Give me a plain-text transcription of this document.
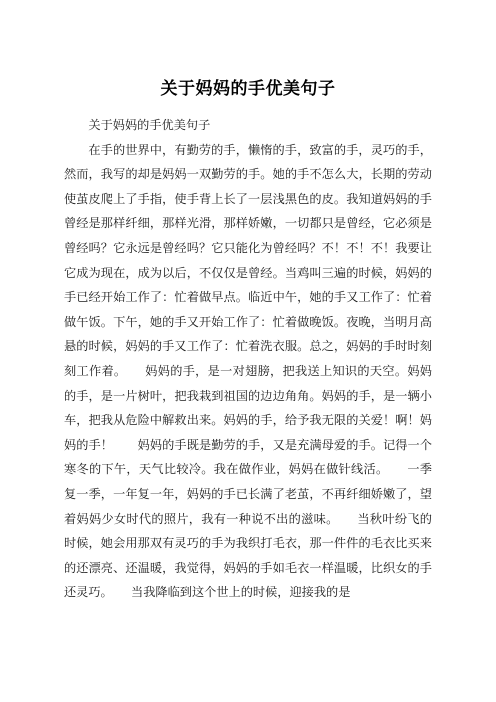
关于妈妈的手优美句子

关于妈妈的手优美句子

在手的世界中，有勤劳的手，懒惰的手，致富的手，灵巧的手，然而，我写的却是妈妈一双勤劳的手。她的手不怎么大，长期的劳动使茧皮爬上了手指，使手背上长了一层浅黑色的皮。我知道妈妈的手曾经是那样纤细，那样光滑，那样娇嫩，一切都只是曾经，它必须是曾经吗？它永远是曾经吗？它只能化为曾经吗？不！不！不！我要让它成为现在，成为以后，不仅仅是曾经。当鸡叫三遍的时候，妈妈的手已经开始工作了：忙着做早点。临近中午，她的手又工作了：忙着做午饭。下午，她的手又开始工作了：忙着做晚饭。夜晚，当明月高悬的时候，妈妈的手又工作了：忙着洗衣服。总之，妈妈的手时时刻刻工作着。　　妈妈的手，是一对翅膀，把我送上知识的天空。妈妈的手，是一片树叶，把我栽到祖国的边边角角。妈妈的手，是一辆小车，把我从危险中解救出来。妈妈的手，给予我无限的关爱！啊！妈妈的手！　　妈妈的手既是勤劳的手，又是充满母爱的手。记得一个寒冬的下午，天气比较冷。我在做作业，妈妈在做针线活。　　一季复一季，一年复一年，妈妈的手已长满了老茧，不再纤细娇嫩了，望着妈妈少女时代的照片，我有一种说不出的滋味。　　当秋叶纷飞的时候，她会用那双有灵巧的手为我织打毛衣，那一件件的毛衣比买来的还漂亮、还温暖，我觉得，妈妈的手如毛衣一样温暖，比织女的手还灵巧。　　当我降临到这个世上的时候，迎接我的是
